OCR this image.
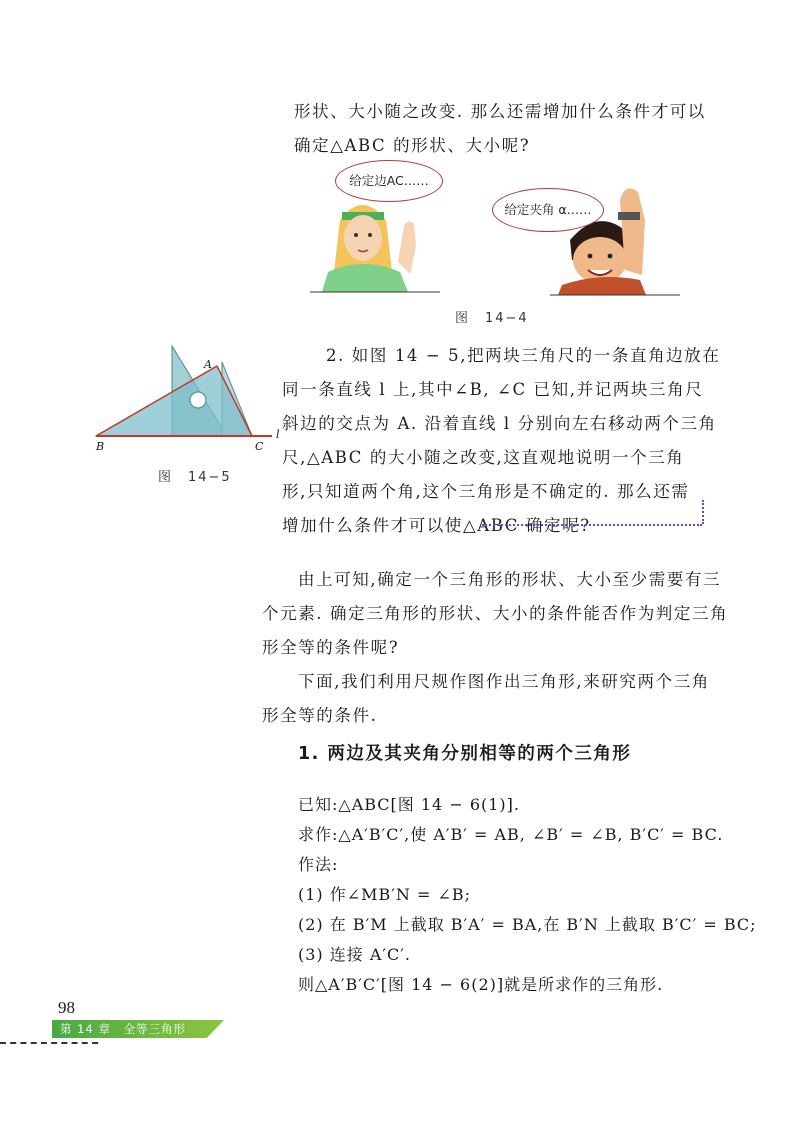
形状、大小随之改变. 那么还需增加什么条件才可以
确定△ABC 的形状、大小呢?
给定边AC……
给定夹角 α……
图　14−4
A
B	C
l
图　14−5
2. 如图 14 − 5,把两块三角尺的一条直角边放在
同一条直线 l 上,其中∠B, ∠C 已知,并记两块三角尺
斜边的交点为 A. 沿着直线 l 分别向左右移动两个三角
尺,△ABC 的大小随之改变,这直观地说明一个三角
形,只知道两个角,这个三角形是不确定的. 那么还需
增加什么条件才可以使△ABC 确定呢?
由上可知,确定一个三角形的形状、大小至少需要有三
个元素. 确定三角形的形状、大小的条件能否作为判定三角
形全等的条件呢?
下面,我们利用尺规作图作出三角形,来研究两个三角
形全等的条件.
1. 两边及其夹角分别相等的两个三角形
已知:△ABC[图 14 − 6(1)].
求作:△A′B′C′,使 A′B′ = AB, ∠B′ = ∠B, B′C′ = BC.
作法:
(1) 作∠MB′N = ∠B;
(2) 在 B′M 上截取 B′A′ = BA,在 B′N 上截取 B′C′ = BC;
(3) 连接 A′C′.
则△A′B′C′[图 14 − 6(2)]就是所求作的三角形.
98
第 14 章　全等三角形
